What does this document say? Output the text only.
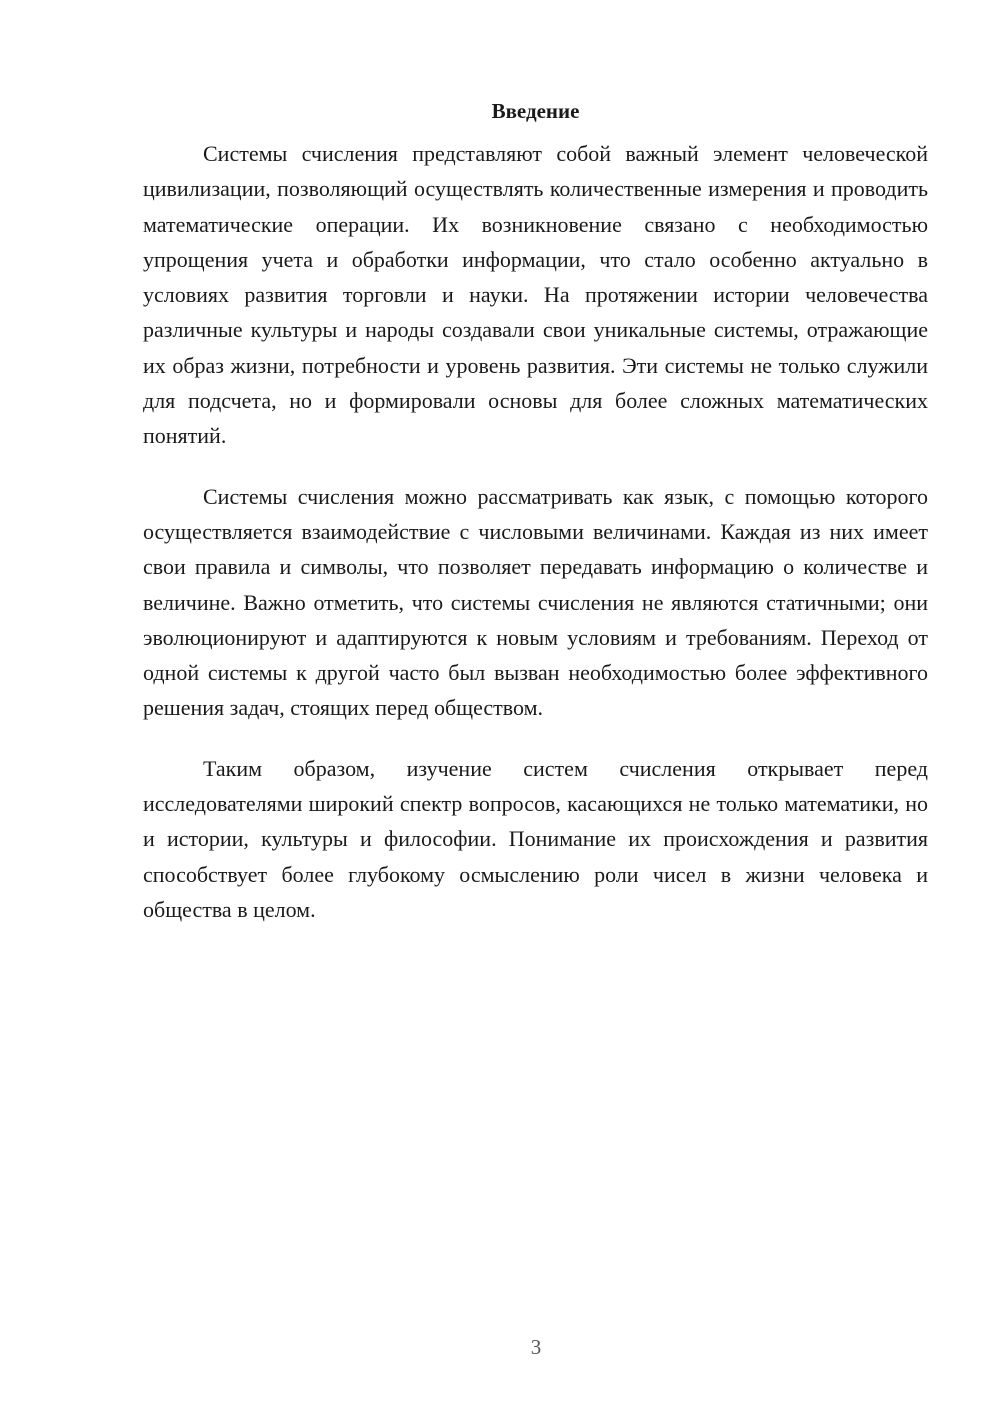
Введение

Системы счисления представляют собой важный элемент человеческой цивилизации, позволяющий осуществлять количественные измерения и проводить математические операции. Их возникновение связано с необходимостью упрощения учета и обработки информации, что стало особенно актуально в условиях развития торговли и науки. На протяжении истории человечества различные культуры и народы создавали свои уникальные системы, отражающие их образ жизни, потребности и уровень развития. Эти системы не только служили для подсчета, но и формировали основы для более сложных математических понятий.

Системы счисления можно рассматривать как язык, с помощью которого осуществляется взаимодействие с числовыми величинами. Каждая из них имеет свои правила и символы, что позволяет передавать информацию о количестве и величине. Важно отметить, что системы счисления не являются статичными; они эволюционируют и адаптируются к новым условиям и требованиям. Переход от одной системы к другой часто был вызван необходимостью более эффективного решения задач, стоящих перед обществом.

Таким образом, изучение систем счисления открывает перед исследователями широкий спектр вопросов, касающихся не только математики, но и истории, культуры и философии. Понимание их происхождения и развития способствует более глубокому осмыслению роли чисел в жизни человека и общества в целом.

3
